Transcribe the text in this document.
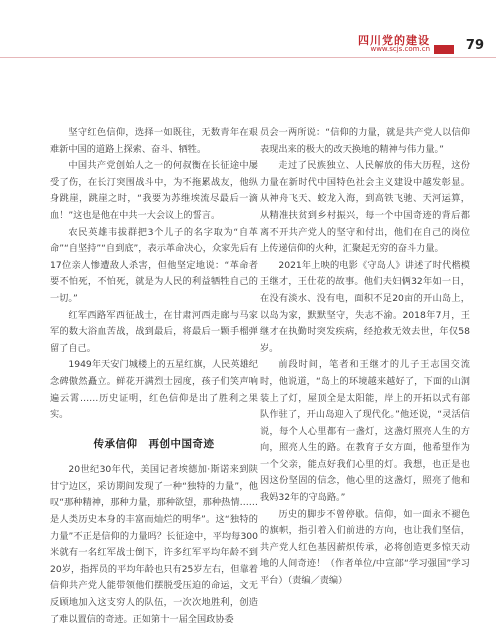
四川党的建设
www.scjs.com.cn	79

坚守红色信仰，选择一如既往，无数青年在艰难新中国的道路上探索、奋斗、牺牲。

中国共产党创始人之一的何叔衡在长征途中屡受了伤，在长汀突围战斗中，为不拖累战友，他纵身跳崖，跳崖之时，“我要为苏维埃流尽最后一滴血！”这也是他在中共一大会议上的誓言。

农民英雄韦拔群把3个儿子的名字取为“自革命”“自坚持”“自到底”，表示革命决心，众家先后有17位亲人惨遭敌人杀害，但他坚定地说：“革命者要不怕死，不怕死，就是为人民的利益牺牲自己的一切。”

红军西路军西征战士，在甘肃河西走廊与马家军的数大浴血苦战，战到最后，将最后一颗手榴弹留了自己。

1949年天安门城楼上的五星红旗，人民英雄纪念碑傲然矗立。鲜花开满烈士园度，孩子们笑声响遍云霄……历史证明，红色信仰是出了胜利之果实。

传承信仰　再创中国奇迹

20世纪30年代，美国记者埃德加·斯诺来到陕甘宁边区，采访期间发现了一种“独特的力量”，他叹“那种精神，那种力量，那种欲望，那种热情……是人类历史本身的丰富而灿烂的明华”。这“独特的力量”不正是信仰的力量吗？长征途中，平均每300米就有一名红军战士倒下，许多红军平均年龄不到20岁，指挥员的平均年龄也只有25岁左右，但靠着信仰共产党人能带领他们摆脱受压迫的命运，文无反顾地加入这支穷人的队伍，一次次地胜利，创造了难以置信的奇迹。正如第十一届全国政协委

员会一两所说：“信仰的力量，就是共产党人以信仰表现出来的极大的改天换地的精神与伟力量。”

走过了民族独立、人民解放的伟大历程，这份力量在新时代中国特色社会主义建设中越发彰显。从神舟飞天、蛟龙入海，到高铁飞驰、天河运算，从精准扶贫到乡村振兴，每一个中国奇迹的背后都离不开共产党人的坚守和付出，他们在自己的岗位上传递信仰的火种，汇聚起无穷的奋斗力量。

2021年上映的电影《守岛人》讲述了时代楷模王继才，王仕花的故事。他们夫妇俩32年如一日，在没有淡水、没有电，面积不足20亩的开山岛上，以岛为家，默默坚守，失志不渝。2018年7月，王继才在执勤时突发疾病，经抢救无效去世，年仅58岁。

前段时间，笔者和王继才的儿子王志国交流时，他说道，“岛上的环境越来越好了，下面的山洞装上了灯，屋顶全是太阳能，岸上的开拓以式有部队作驻了，开山岛迎入了现代化。”他还说，“灵活信说，每个人心里都有一盏灯，这盏灯照亮人生的方向，照亮人生的路。在教育子女方面，他希望作为一个父亲，能点好我们心里的灯。我想，也正是也因这份坚固的信念，他心里的这盏灯，照亮了他和我妈32年的守岛路。”

历史的脚步不曾停歇。信仰，如一面永不褪色的旗帜，指引着入们前进的方向，也让我们坚信，共产党人红色基因薪炽传承，必将创造更多惊天动地的人间奇迹！（作者单位/中宣部“学习强国”学习平台）（责编／责编）
